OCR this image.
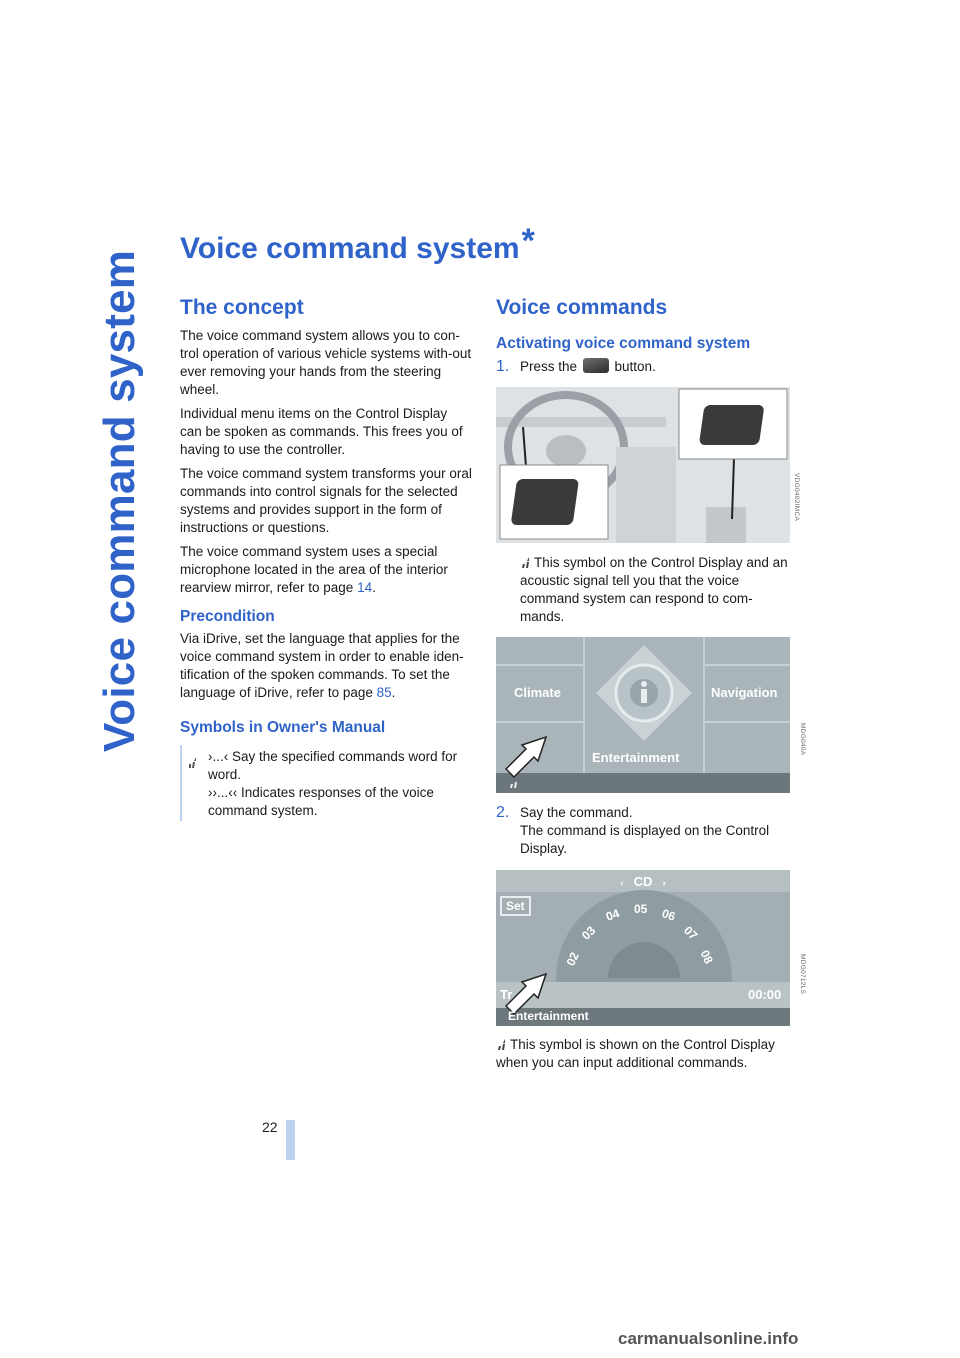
Voice command system
22
Voice command system*
The concept

The voice command system allows you to con-trol operation of various vehicle systems with-out ever removing your hands from the steering wheel.

Individual menu items on the Control Display can be spoken as commands. This frees you of having to use the controller.

The voice command system transforms your oral commands into control signals for the selected systems and provides support in the form of instructions or questions.

The voice command system uses a special microphone located in the area of the interior rearview mirror, refer to page 14.

Precondition

Via iDrive, set the language that applies for the voice command system in order to enable iden-tification of the spoken commands. To set the language of iDrive, refer to page 85.

Symbols in Owner's Manual

›...‹ Say the specified commands word for word.

››...‹‹ Indicates responses of the voice command system.

Voice commands
Activating voice command system
1. Press the  button.

VDG0402IMCA

This symbol on the Control Display and an acoustic signal tell you that the voice command system can respond to com-mands.

Climate	Navigation
Entertainment
MDG040A
2. Say the command.

The command is displayed on the Control Display.

‹ CD ›
Set
02
03
04 05 06
07
08
Tr	00:00
Entertainment
MDG0712LS

This symbol is shown on the Control Display when you can input additional commands.

carmanualsonline.info
